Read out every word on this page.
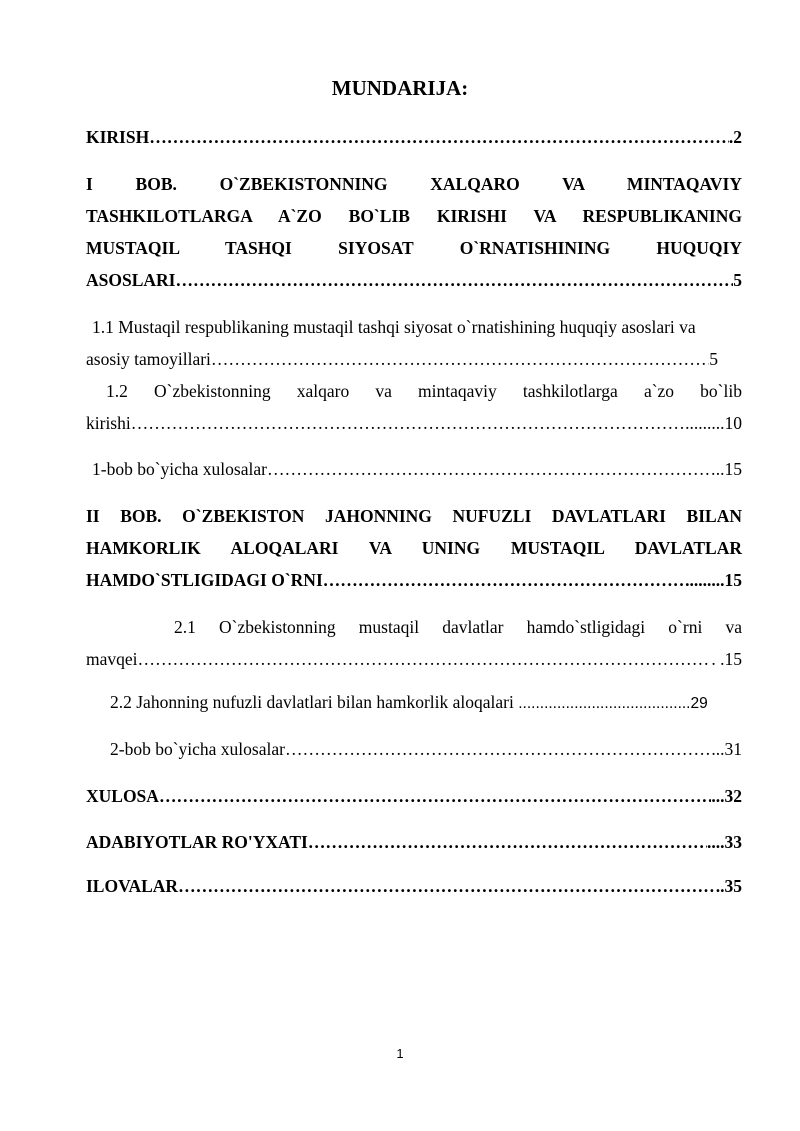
MUNDARIJA:
KIRISH ……………………………………………………………………………………………………………………………………………………………………	.2
I BOB. O`ZBEKISTONNING XALQARO VA MINTAQAVIY
TASHKILOTLARGA A`ZO BO`LIB KIRISHI VA RESPUBLIKANING
MUSTAQIL TASHQI SIYOSAT O`RNATISHINING HUQUQIY
ASOSLARI ……………………………………………………………………………………………………………………………………………………………………	5
1.1 Mustaqil respublikaning mustaqil tashqi siyosat o`rnatishining huquqiy asoslari va
asosiy tamoyillari ……………………………………………………………………………………………………………………………………………………………………	5
1.2 O`zbekistonning xalqaro va mintaqaviy tashkilotlarga a`zo bo`lib
kirishi ……………………………………………………………………………………………………………………………………………………………………	.........10
1-bob bo`yicha xulosalar ……………………………………………………………………………………………………………………………………………………………………	..15
II BOB. O`ZBEKISTON JAHONNING NUFUZLI DAVLATLARI BILAN
HAMKORLIK ALOQALARI VA UNING MUSTAQIL DAVLATLAR
HAMDO`STLIGIDAGI O`RNI ……………………………………………………………………………………………………………………………………………………………………	.........15
2.1 O`zbekistonning mustaqil davlatlar hamdo`stligidagi o`rni va
mavqei ……………………………………………………………………………………………………………………………………………………………………	. .15
2.2 Jahonning nufuzli davlatlari bilan hamkorlik aloqalari ........................................29
2-bob bo`yicha xulosalar ……………………………………………………………………………………………………………………………………………………………………	...31
XULOSA ……………………………………………………………………………………………………………………………………………………………………	...32
ADABIYOTLAR RO'YXATI ……………………………………………………………………………………………………………………………………………………………………	....33
ILOVALAR ……………………………………………………………………………………………………………………………………………………………………	..35
1
